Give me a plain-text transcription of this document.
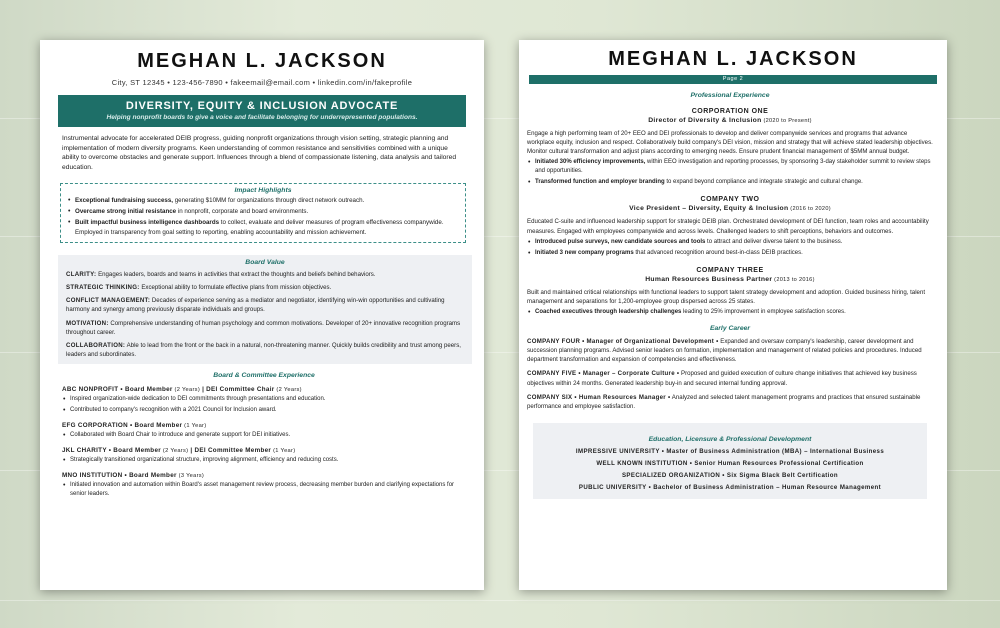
MEGHAN L. JACKSON
City, ST 12345 • 123-456-7890 • fakeemail@email.com • linkedin.com/in/fakeprofile
DIVERSITY, EQUITY & INCLUSION ADVOCATE
Helping nonprofit boards to give a voice and facilitate belonging for underrepresented populations.
Instrumental advocate for accelerated DEIB progress, guiding nonprofit organizations through vision setting, strategic planning and implementation of modern diversity programs. Keen understanding of common resistance and sensitivities combined with a unique ability to overcome obstacles and generate support. Influences through a blend of compassionate listening, data analysis and tailored education.
Impact Highlights
• Exceptional fundraising success, generating $10MM for organizations through direct network outreach.
• Overcame strong initial resistance in nonprofit, corporate and board environments.
• Built impactful business intelligence dashboards to collect, evaluate and deliver measures of program effectiveness companywide. Employed in transparency from goal setting to reporting, enabling accountability and mission achievement.
Board Value

CLARITY: Engages leaders, boards and teams in activities that extract the thoughts and beliefs behind behaviors.

STRATEGIC THINKING: Exceptional ability to formulate effective plans from mission objectives.

CONFLICT MANAGEMENT: Decades of experience serving as a mediator and negotiator, identifying win-win opportunities and cultivating harmony and synergy among previously disparate individuals and groups.

MOTIVATION: Comprehensive understanding of human psychology and common motivations. Developer of 20+ innovative recognition programs throughout career.

COLLABORATION: Able to lead from the front or the back in a natural, non-threatening manner. Quickly builds credibility and trust among peers, leaders and subordinates.

Board & Committee Experience
ABC NONPROFIT • Board Member (2 Years) | DEI Committee Chair (2 Years)
• Inspired organization-wide dedication to DEI commitments through presentations and education.
• Contributed to company's recognition with a 2021 Council for Inclusion award.
EFG CORPORATION • Board Member (1 Year)
• Collaborated with Board Chair to introduce and generate support for DEI initiatives.
JKL CHARITY • Board Member (2 Years) | DEI Committee Member (1 Year)
• Strategically transitioned organizational structure, improving alignment, efficiency and reducing costs.
MNO INSTITUTION • Board Member (3 Years)
• Initiated innovation and automation within Board's asset management review process, decreasing member burden and clarifying expectations for senior leaders.
MEGHAN L. JACKSON
Page 2
Professional Experience
CORPORATION ONE
Director of Diversity & Inclusion (2020 to Present)
Engage a high performing team of 20+ EEO and DEI professionals to develop and deliver companywide services and programs that advance workplace equity, inclusion and respect. Collaboratively build company's DEI vision, mission and strategy that will achieve stated leadership objectives. Monitor cultural transformation and adjust plans according to emerging needs. Ensure prudent financial management of $5MM annual budget.
• Initiated 30% efficiency improvements, within EEO investigation and reporting processes, by sponsoring 3-day stakeholder summit to review steps and opportunities.
• Transformed function and employer branding to expand beyond compliance and integrate strategic and cultural change.
COMPANY TWO
Vice President – Diversity, Equity & Inclusion (2016 to 2020)
Educated C-suite and influenced leadership support for strategic DEIB plan. Orchestrated development of DEI function, team roles and accountability measures. Engaged with employees companywide and across levels. Challenged leaders to shift perceptions, behaviors and outcomes.
• Introduced pulse surveys, new candidate sources and tools to attract and deliver diverse talent to the business.
• Initiated 3 new company programs that advanced recognition around best-in-class DEIB practices.
COMPANY THREE
Human Resources Business Partner (2013 to 2016)
Built and maintained critical relationships with functional leaders to support talent strategy development and adoption. Guided business hiring, talent management and separations for 1,200-employee group dispersed across 25 states.
• Coached executives through leadership challenges leading to 25% improvement in employee satisfaction scores.
Early Career
COMPANY FOUR • Manager of Organizational Development • Expanded and oversaw company's leadership, career development and succession planning programs. Advised senior leaders on formation, implementation and management of related policies and procedures. Induced department transformation and expansion of competencies and effectiveness.
COMPANY FIVE • Manager – Corporate Culture • Proposed and guided execution of culture change initiatives that achieved key business objectives within 24 months. Generated leadership buy-in and secured internal funding approval.
COMPANY SIX • Human Resources Manager • Analyzed and selected talent management programs and practices that ensured sustainable performance and employee satisfaction.
Education, Licensure & Professional Development
IMPRESSIVE UNIVERSITY • Master of Business Administration (MBA) – International Business
WELL KNOWN INSTITUTION • Senior Human Resources Professional Certification
SPECIALIZED ORGANIZATION • Six Sigma Black Belt Certification
PUBLIC UNIVERSITY • Bachelor of Business Administration – Human Resource Management
